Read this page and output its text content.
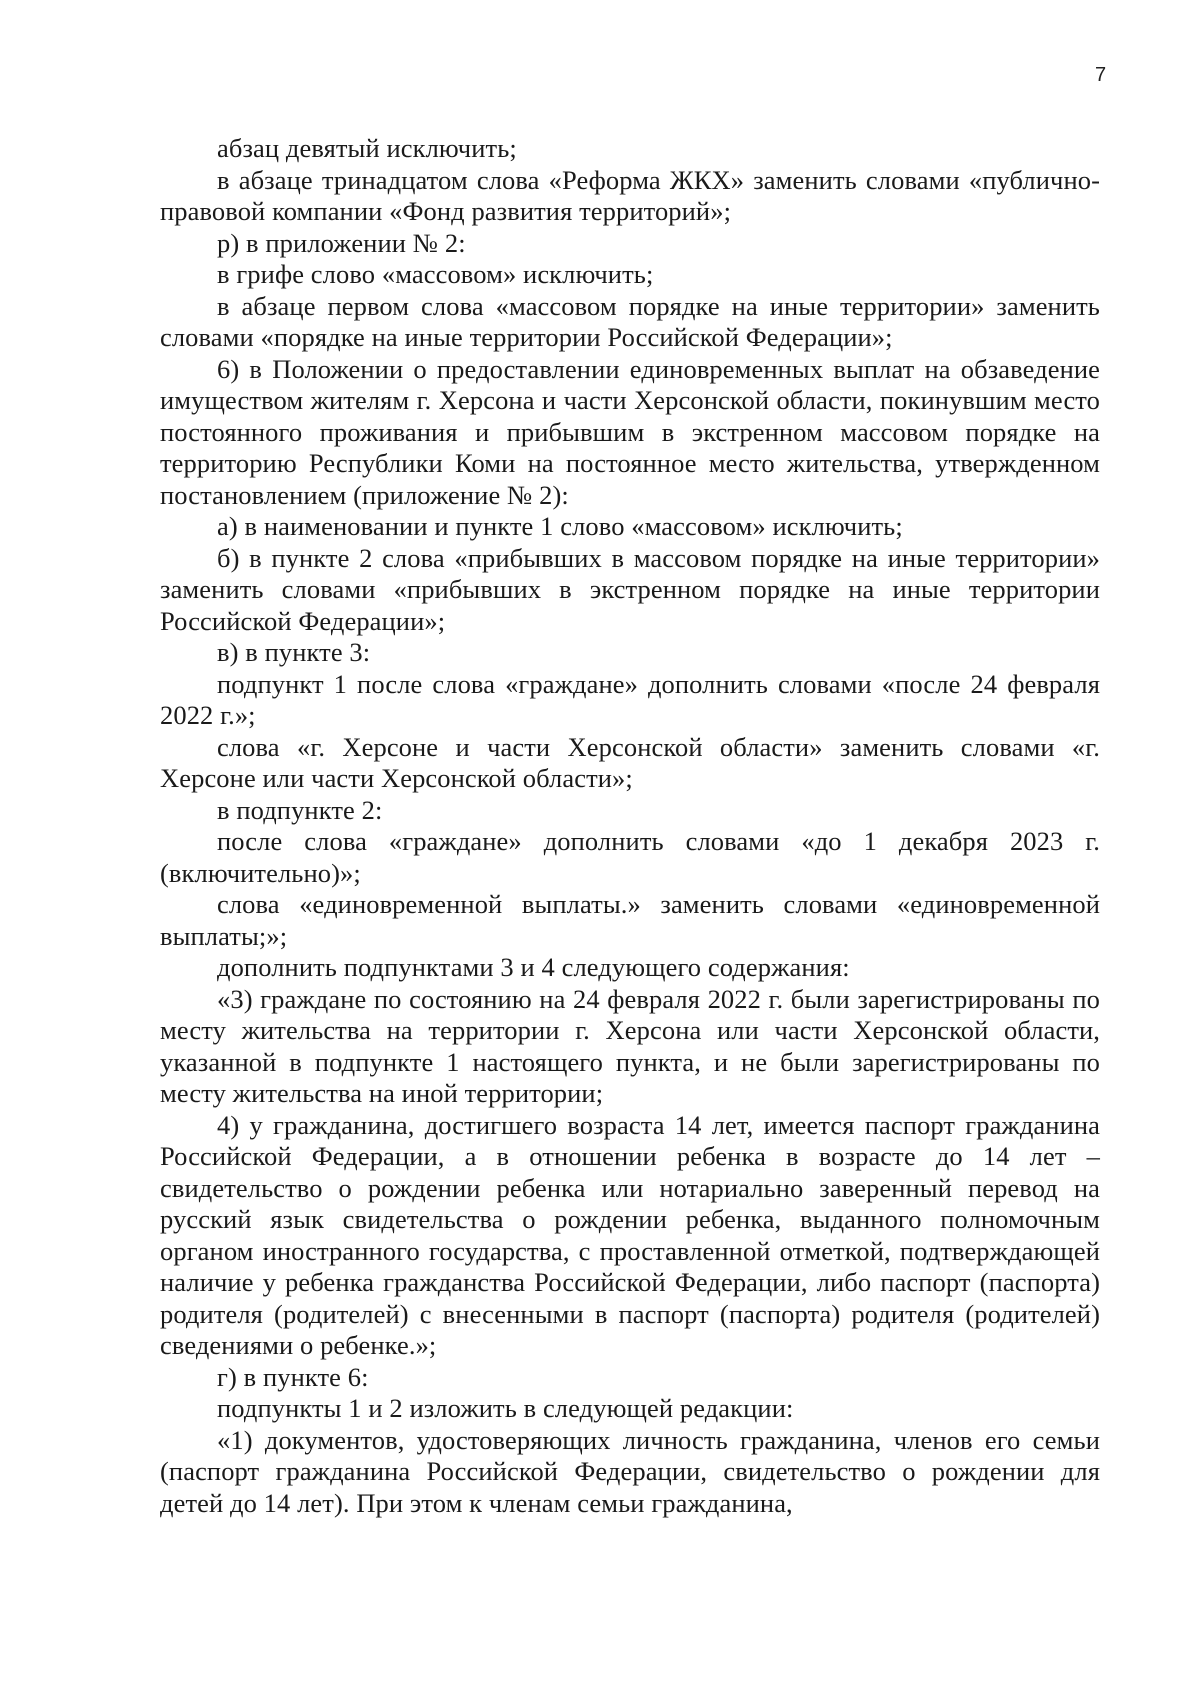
7

абзац девятый исключить;

в абзаце тринадцатом слова «Реформа ЖКХ» заменить словами «публично-правовой компании «Фонд развития территорий»;

р) в приложении № 2:

в грифе слово «массовом» исключить;

в абзаце первом слова «массовом порядке на иные территории» заменить словами «порядке на иные территории Российской Федерации»;

6) в Положении о предоставлении единовременных выплат на обзаведение имуществом жителям г. Херсона и части Херсонской области, покинувшим место постоянного проживания и прибывшим в экстренном массовом порядке на территорию Республики Коми на постоянное место жительства, утвержденном постановлением (приложение № 2):

а) в наименовании и пункте 1 слово «массовом» исключить;

б) в пункте 2 слова «прибывших в массовом порядке на иные территории» заменить словами «прибывших в экстренном порядке на иные территории Российской Федерации»;

в) в пункте 3:

подпункт 1 после слова «граждане» дополнить словами «после 24 февраля 2022 г.»;

слова «г. Херсоне и части Херсонской области» заменить словами «г. Херсоне или части Херсонской области»;

в подпункте 2:

после слова «граждане» дополнить словами «до 1 декабря 2023 г. (включительно)»;

слова «единовременной выплаты.» заменить словами «единовременной выплаты;»;

дополнить подпунктами 3 и 4 следующего содержания:

«3) граждане по состоянию на 24 февраля 2022 г. были зарегистрированы по месту жительства на территории г. Херсона или части Херсонской области, указанной в подпункте 1 настоящего пункта, и не были зарегистрированы по месту жительства на иной территории;

4) у гражданина, достигшего возраста 14 лет, имеется паспорт гражданина Российской Федерации, а в отношении ребенка в возрасте до 14 лет – свидетельство о рождении ребенка или нотариально заверенный перевод на русский язык свидетельства о рождении ребенка, выданного полномочным органом иностранного государства, с проставленной отметкой, подтверждающей наличие у ребенка гражданства Российской Федерации, либо паспорт (паспорта) родителя (родителей) с внесенными в паспорт (паспорта) родителя (родителей) сведениями о ребенке.»;

г) в пункте 6:

подпункты 1 и 2 изложить в следующей редакции:

«1) документов, удостоверяющих личность гражданина, членов его семьи (паспорт гражданина Российской Федерации, свидетельство о рождении для детей до 14 лет). При этом к членам семьи гражданина,
